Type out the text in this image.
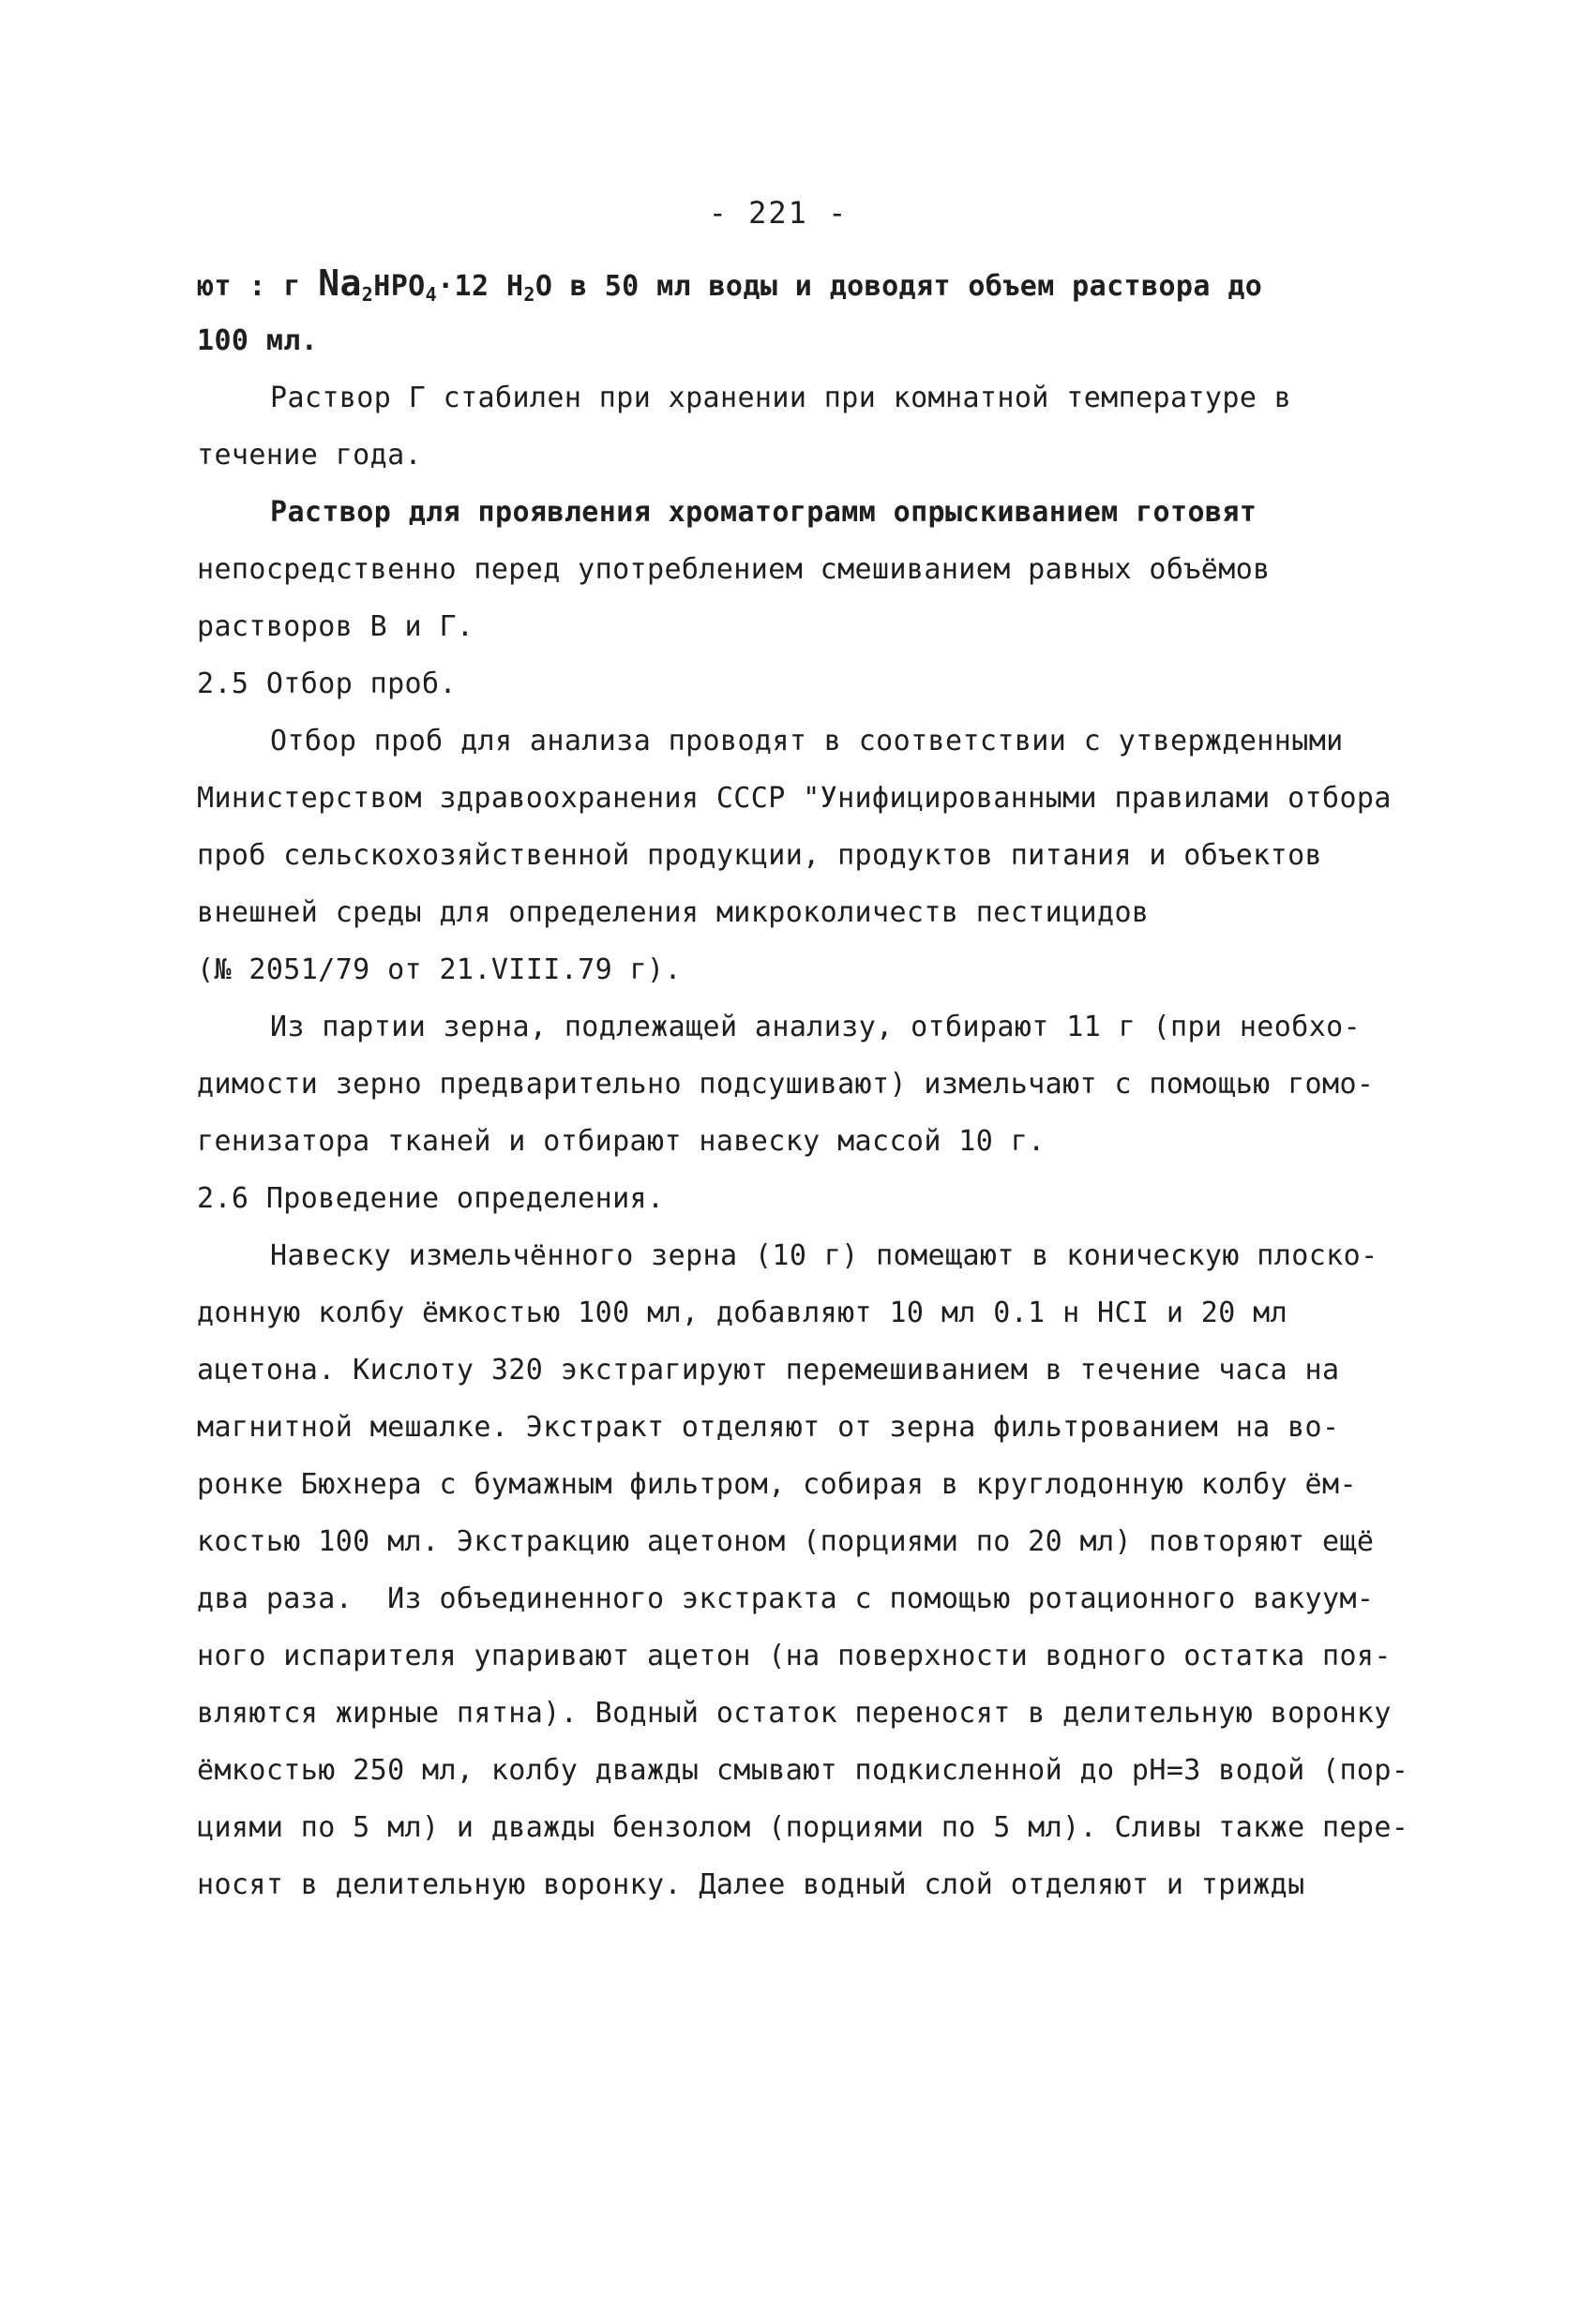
- 221 -
ют : г $Na_2HPO_4\cdot 12$ $H_2O$ в 50 мл воды и доводят объем раствора до
100 мл.
Раствор Г стабилен при хранении при комнатной температуре в
течение года.
Раствор для проявления хроматограмм опрыскиванием готовят
непосредственно перед употреблением смешиванием равных объёмов
растворов В и Г.
2.5 Отбор проб.
Отбор проб для анализа проводят в соответствии с утвержденными
Министерством здравоохранения СССР "Унифицированными правилами отбора
проб сельскохозяйственной продукции, продуктов питания и объектов
внешней среды для определения микроколичеств пестицидов
(№ 2051/79 от 21.VIII.79 г).
Из партии зерна, подлежащей анализу, отбирают 11 г (при необхо-
димости зерно предварительно подсушивают) измельчают с помощью гомо-
генизатора тканей и отбирают навеску массой 10 г.
2.6 Проведение определения.
Навеску измельчённого зерна (10 г) помещают в коническую плоско-
донную колбу ёмкостью 100 мл, добавляют 10 мл 0.1 н HCI и 20 мл
ацетона. Кислоту 320 экстрагируют перемешиванием в течение часа на
магнитной мешалке. Экстракт отделяют от зерна фильтрованием на во-
ронке Бюхнера с бумажным фильтром, собирая в круглодонную колбу ём-
костью 100 мл. Экстракцию ацетоном (порциями по 20 мл) повторяют ещё
два раза.  Из объединенного экстракта с помощью ротационного вакуум-
ного испарителя упаривают ацетон (на поверхности водного остатка поя-
вляются жирные пятна). Водный остаток переносят в делительную воронку
ёмкостью 250 мл, колбу дважды смывают подкисленной до pH=3 водой (пор-
циями по 5 мл) и дважды бензолом (порциями по 5 мл). Сливы также пере-
носят в делительную воронку. Далее водный слой отделяют и трижды
